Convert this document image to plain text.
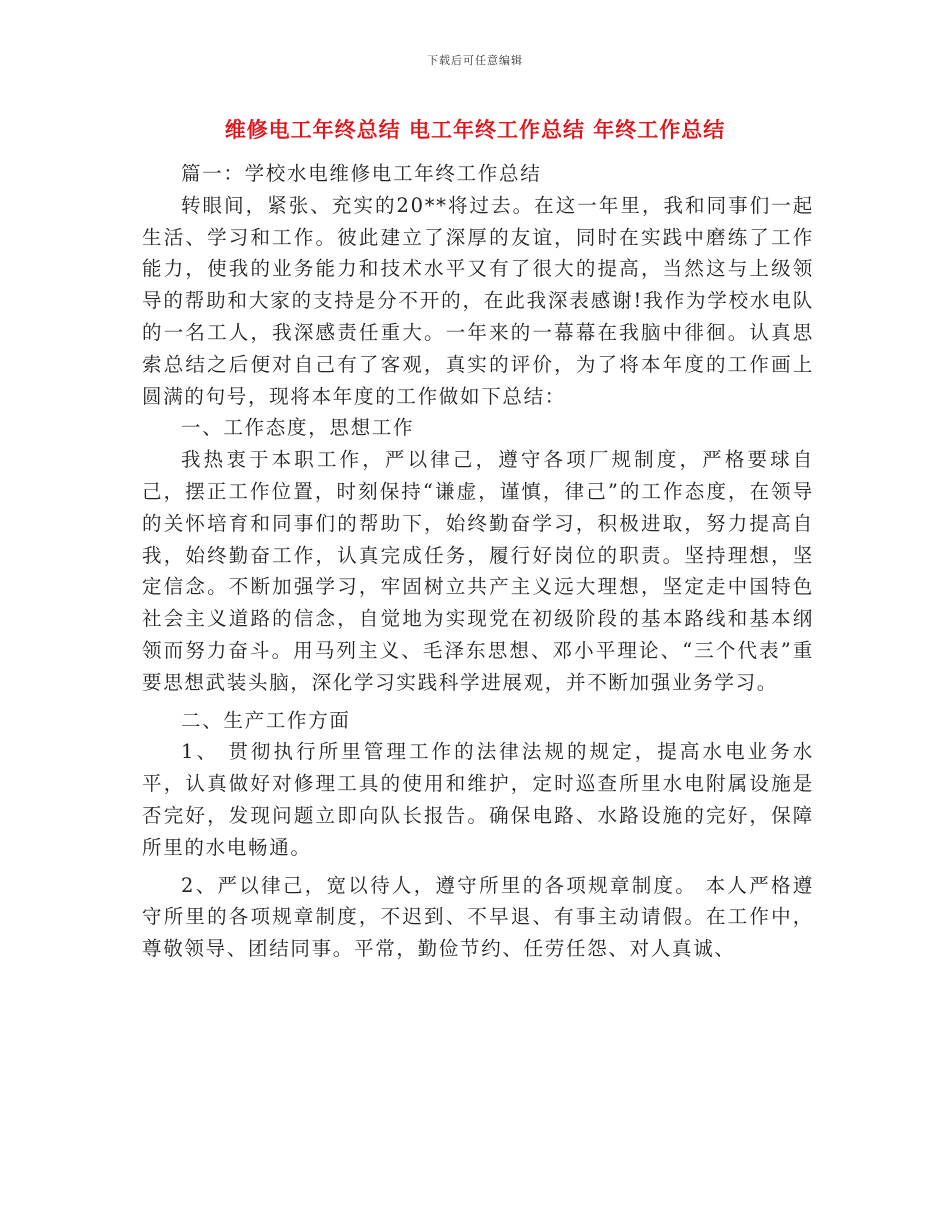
下载后可任意编辑
维修电工年终总结 电工年终工作总结 年终工作总结

篇一：学校水电维修电工年终工作总结

转眼间，紧张、充实的20**将过去。在这一年里，我和同事们一起生活、学习和工作。彼此建立了深厚的友谊，同时在实践中磨练了工作能力，使我的业务能力和技术水平又有了很大的提高，当然这与上级领导的帮助和大家的支持是分不开的，在此我深表感谢!我作为学校水电队的一名工人，我深感责任重大。一年来的一幕幕在我脑中徘徊。认真思索总结之后便对自己有了客观，真实的评价，为了将本年度的工作画上圆满的句号，现将本年度的工作做如下总结：

一、工作态度，思想工作

我热衷于本职工作，严以律己，遵守各项厂规制度，严格要球自己，摆正工作位置，时刻保持“谦虚，谨慎，律己”的工作态度，在领导的关怀培育和同事们的帮助下，始终勤奋学习，积极进取，努力提高自我，始终勤奋工作，认真完成任务，履行好岗位的职责。坚持理想，坚定信念。不断加强学习，牢固树立共产主义远大理想，坚定走中国特色社会主义道路的信念，自觉地为实现党在初级阶段的基本路线和基本纲领而努力奋斗。用马列主义、毛泽东思想、邓小平理论、“三个代表”重要思想武装头脑，深化学习实践科学进展观，并不断加强业务学习。

二、生产工作方面

1、 贯彻执行所里管理工作的法律法规的规定，提高水电业务水平，认真做好对修理工具的使用和维护，定时巡查所里水电附属设施是否完好，发现问题立即向队长报告。确保电路、水路设施的完好，保障所里的水电畅通。

2、严以律己，宽以待人，遵守所里的各项规章制度。 本人严格遵守所里的各项规章制度，不迟到、不早退、有事主动请假。在工作中，尊敬领导、团结同事。平常，勤俭节约、任劳任怨、对人真诚、
